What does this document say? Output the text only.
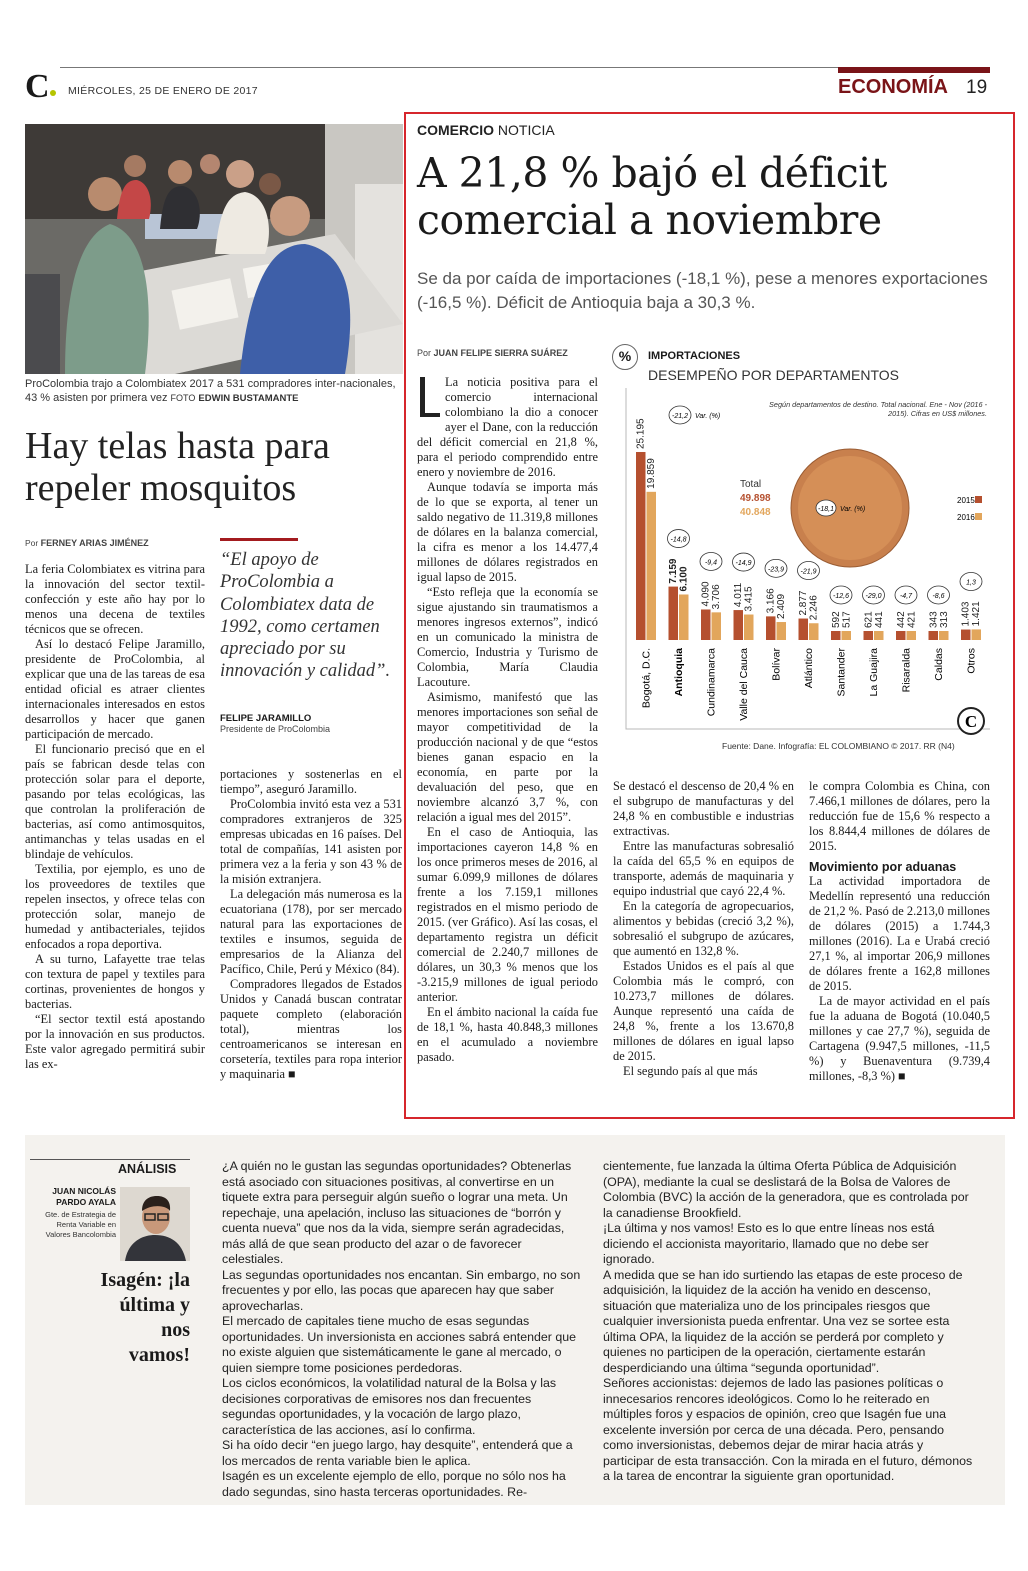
C MIÉRCOLES, 25 DE ENERO DE 2017	ECONOMÍA 19
ProColombia trajo a Colombiatex 2017 a 531 compradores inter-nacionales, 43 % asisten por primera vez FOTO EDWIN BUSTAMANTE
Hay telas hasta para repeler mosquitos
Por FERNEY ARIAS JIMÉNEZ

La feria Colombiatex es vitrina para la innovación del sector textil-confección y este año hay por lo menos una decena de textiles técnicos que se ofrecen.

Así lo destacó Felipe Jaramillo, presidente de ProColombia, al explicar que una de las tareas de esa entidad oficial es atraer clientes internacionales interesados en estos desarrollos y hacer que ganen participación de mercado.

El funcionario precisó que en el país se fabrican desde telas con protección solar para el deporte, pasando por telas ecológicas, las que controlan la proliferación de bacterias, así como antimosquitos, antimanchas y telas usadas en el blindaje de vehículos.

Textilia, por ejemplo, es uno de los proveedores de textiles que repelen insectos, y ofrece telas con protección solar, manejo de humedad y antibacteriales, tejidos enfocados a ropa deportiva.

A su turno, Lafayette trae telas con textura de papel y textiles para cortinas, provenientes de hongos y bacterias.

“El sector textil está apostando por la innovación en sus productos. Este valor agregado permitirá subir las ex-

“El apoyo de ProColombia a Colombiatex data de 1992, como certamen apreciado por su innovación y calidad”.
FELIPE JARAMILLO
Presidente de ProColombia

portaciones y sostenerlas en el tiempo”, aseguró Jaramillo.

ProColombia invitó esta vez a 531 compradores extranjeros de 325 empresas ubicadas en 16 países. Del total de compañías, 141 asisten por primera vez a la feria y son 43 % de la misión extranjera.

La delegación más numerosa es la ecuatoriana (178), por ser mercado natural para las exportaciones de textiles e insumos, seguida de empresarios de la Alianza del Pacífico, Chile, Perú y México (84).

Compradores llegados de Estados Unidos y Canadá buscan contratar paquete completo (elaboración total), mientras los centroamericanos se interesan en corsetería, textiles para ropa interior y maquinaria ■

COMERCIO NOTICIA
A 21,8 % bajó el déficit comercial a noviembre
Se da por caída de importaciones (-18,1 %), pese a menores exportaciones (-16,5 %). Déficit de Antioquia baja a 30,3 %.
Por JUAN FELIPE SIERRA SUÁREZ

La noticia positiva para el comercio internacional colombiano la dio a conocer ayer el Dane, con la reducción del déficit comercial en 21,8 %, para el periodo comprendido entre enero y noviembre de 2016.

Aunque todavía se importa más de lo que se exporta, al tener un saldo negativo de 11.319,8 millones de dólares en la balanza comercial, la cifra es menor a los 14.477,4 millones de dólares registrados en igual lapso de 2015.

“Esto refleja que la economía se sigue ajustando sin traumatismos a menores ingresos externos”, indicó en un comunicado la ministra de Comercio, Industria y Turismo de Colombia, María Claudia Lacouture.

Asimismo, manifestó que las menores importaciones son señal de mayor competitividad de la producción nacional y de que “estos bienes ganan espacio en la economía, en parte por la devaluación del peso, que en noviembre alcanzó 3,7 %, con relación a igual mes del 2015”.

En el caso de Antioquia, las importaciones cayeron 14,8 % en los once primeros meses de 2016, al sumar 6.099,9 millones de dólares frente a los 7.159,1 millones registrados en el mismo periodo de 2015. (ver Gráfico). Así las cosas, el departamento registra un déficit comercial de 2.240,7 millones de dólares, un 30,3 % menos que los -3.215,9 millones de igual periodo anterior.

En el ámbito nacional la caída fue de 18,1 %, hasta 40.848,3 millones en el acumulado a noviembre pasado.

Se destacó el descenso de 20,4 % en el subgrupo de manufacturas y del 24,8 % en combustible e industrias extractivas.

Entre las manufacturas sobresalió la caída del 65,5 % en equipos de transporte, además de maquinaria y equipo industrial que cayó 22,4 %.

En la categoría de agropecuarios, alimentos y bebidas (creció 3,2 %), sobresalió el subgrupo de azúcares, que aumentó en 132,8 %.

Estados Unidos es el país al que Colombia más le compró, con 10.273,7 millones de dólares. Aunque representó una caída de 24,8 %, frente a los 13.670,8 millones de dólares en igual lapso de 2015.

El segundo país al que más

le compra Colombia es China, con 7.466,1 millones de dólares, pero la reducción fue de 15,6 % respecto a los 8.844,4 millones de dólares de 2015.

Movimiento por aduanas

La actividad importadora de Medellín representó una reducción de 21,2 %. Pasó de 2.213,0 millones de dólares (2015) a 1.744,3 millones (2016). La e Urabá creció 27,1 %, al importar 206,9 millones de dólares frente a 162,8 millones de 2015.

La de mayor actividad en el país fue la aduana de Bogotá (10.040,5 millones y cae 27,7 %), seguida de Cartagena (9.947,5 millones, -11,5 %) y Buenaventura (9.739,4 millones, -8,3 %) ■

%	IMPORTACIONES
DESEMPEÑO POR DEPARTAMENTOS
25.195
19.859
7.159 6.100
4.090 3.706 4.011 3.415 3.166 2.409 2.877 2.246 592 517 621 441 442 421 343 313 1.403 1.421
-14,8
-9,4	-14,9
-23,9 -21,9
-12,6 -29,0	-4,7	-8,6
1,3
Bogotá, D.C. Antioquia Cundinamarca Valle del Cauca Bolívar Atlántico Santander La Guajira Risaralda Caldas Otros
Total
49.898
40.848	-18,1 Var. (%)
2015
2016
Según departamentos de destino. Total nacional. Ene - Nov (2016 - 2015). Cifras en US$ millones.
-21,2 Var. (%)
C
Fuente: Dane. Infografía: EL COLOMBIANO © 2017. RR (N4)
ANÁLISIS
JUAN NICOLÁS PARDO AYALA
Gte. de Estrategia de Renta Variable en Valores Bancolombia
Isagén: ¡la última y nos vamos!

¿A quién no le gustan las segundas oportunidades? Obtenerlas está asociado con situaciones positivas, al convertirse en un tiquete extra para perseguir algún sueño o lograr una meta. Un repechaje, una apelación, incluso las situaciones de “borrón y cuenta nueva” que nos da la vida, siempre serán agradecidas, más allá de que sean producto del azar o de favorecer celestiales.

Las segundas oportunidades nos encantan. Sin embargo, no son frecuentes y por ello, las pocas que aparecen hay que saber aprovecharlas.

El mercado de capitales tiene mucho de esas segundas oportunidades. Un inversionista en acciones sabrá entender que no existe alguien que sistemáticamente le gane al mercado, o quien siempre tome posiciones perdedoras.

Los ciclos económicos, la volatilidad natural de la Bolsa y las decisiones corporativas de emisores nos dan frecuentes segundas oportunidades, y la vocación de largo plazo, característica de las acciones, así lo confirma.

Si ha oído decir “en juego largo, hay desquite”, entenderá que a los mercados de renta variable bien le aplica.

Isagén es un excelente ejemplo de ello, porque no sólo nos ha dado segundas, sino hasta terceras oportunidades. Re-

cientemente, fue lanzada la última Oferta Pública de Adquisición (OPA), mediante la cual se deslistará de la Bolsa de Valores de Colombia (BVC) la acción de la generadora, que es controlada por la canadiense Brookfield.

¡La última y nos vamos! Esto es lo que entre líneas nos está diciendo el accionista mayoritario, llamado que no debe ser ignorado.

A medida que se han ido surtiendo las etapas de este proceso de adquisición, la liquidez de la acción ha venido en descenso, situación que materializa uno de los principales riesgos que cualquier inversionista pueda enfrentar. Una vez se sortee esta última OPA, la liquidez de la acción se perderá por completo y quienes no participen de la operación, ciertamente estarán desperdiciando una última “segunda oportunidad”.

Señores accionistas: dejemos de lado las pasiones políticas o innecesarios rencores ideológicos. Como lo he reiterado en múltiples foros y espacios de opinión, creo que Isagén fue una excelente inversión por cerca de una década. Pero, pensando como inversionistas, debemos dejar de mirar hacia atrás y participar de esta transacción. Con la mirada en el futuro, démonos a la tarea de encontrar la siguiente gran oportunidad.
